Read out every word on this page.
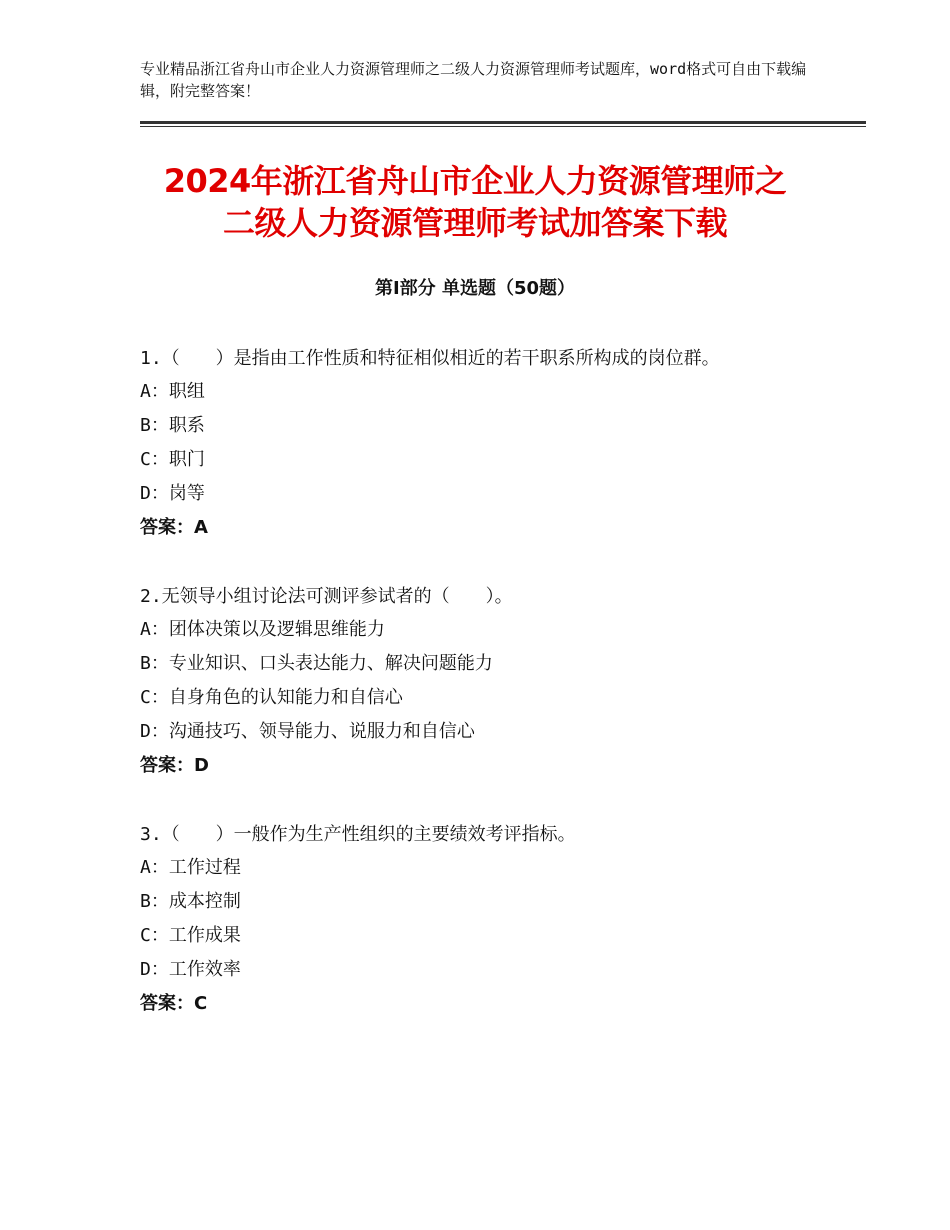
专业精品浙江省舟山市企业人力资源管理师之二级人力资源管理师考试题库，word格式可自由下载编辑，附完整答案！
2024年浙江省舟山市企业人力资源管理师之
二级人力资源管理师考试加答案下载
第Ⅰ部分 单选题（50题）

1.（　　）是指由工作性质和特征相似相近的若干职系所构成的岗位群。

A：职组

B：职系

C：职门

D：岗等

答案：A

2.无领导小组讨论法可测评参试者的（　　）。

A：团体决策以及逻辑思维能力

B：专业知识、口头表达能力、解决问题能力

C：自身角色的认知能力和自信心

D：沟通技巧、领导能力、说服力和自信心

答案：D

3.（　　）一般作为生产性组织的主要绩效考评指标。

A：工作过程

B：成本控制

C：工作成果

D：工作效率

答案：C
